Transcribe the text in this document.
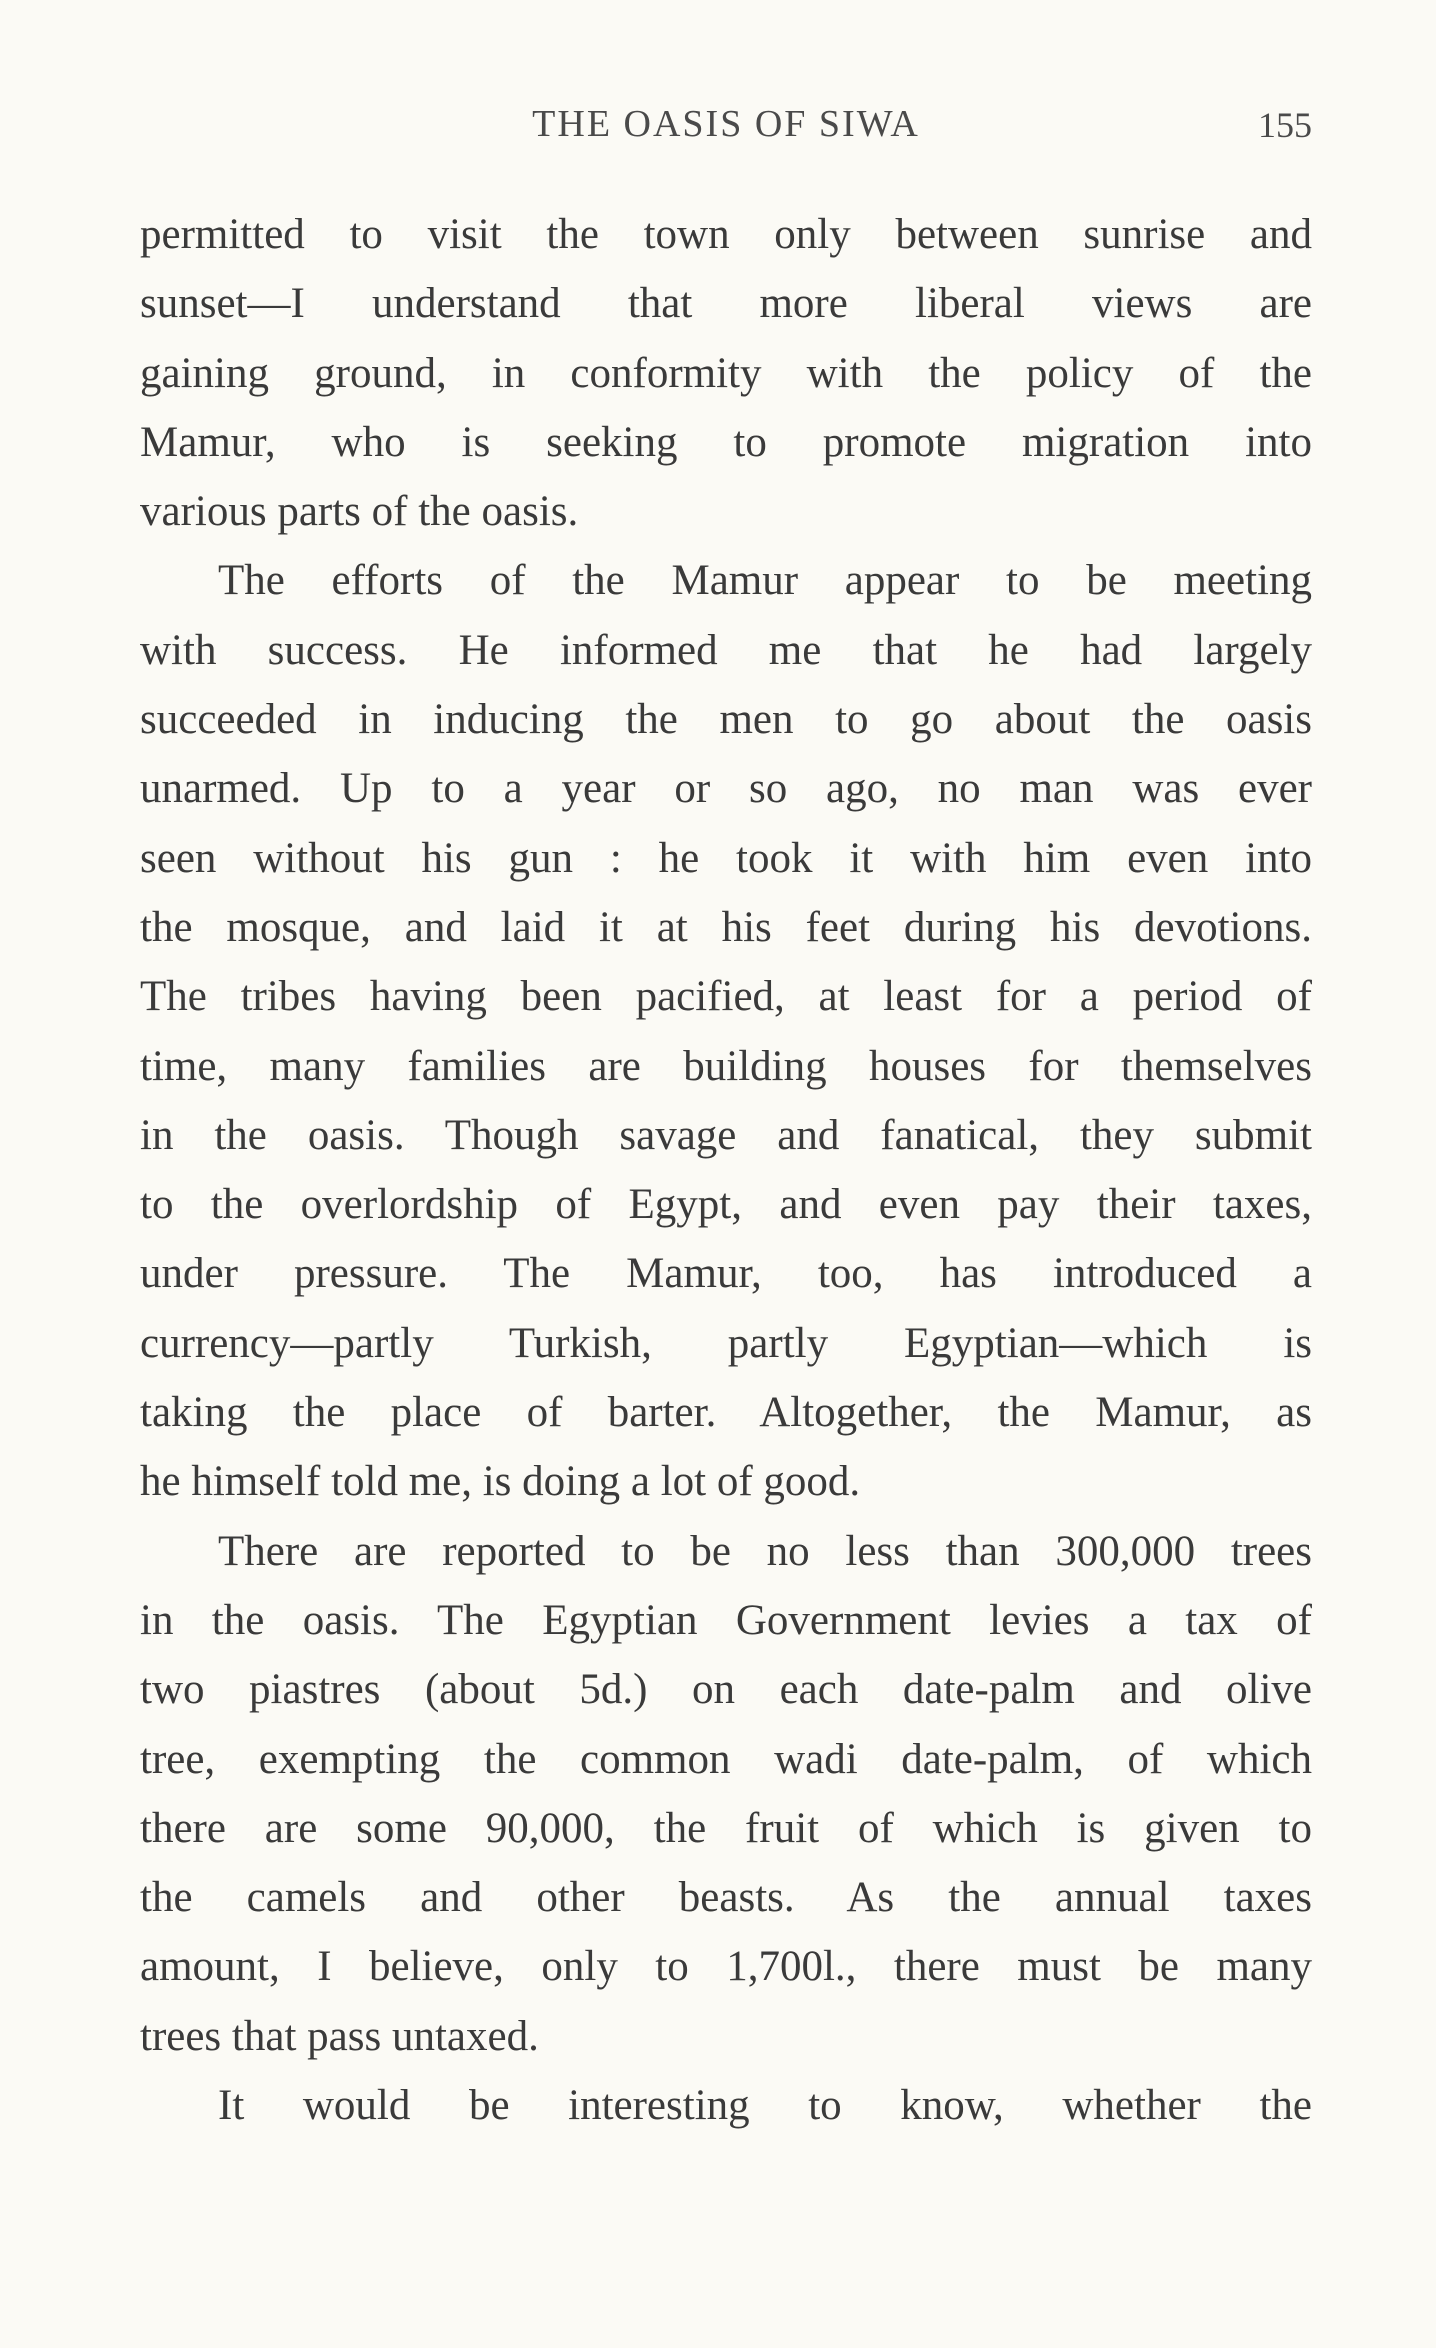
THE OASIS OF SIWA	155
permitted to visit the town only between sunrise and
sunset—I understand that more liberal views are
gaining ground, in conformity with the policy of the
Mamur, who is seeking to promote migration into
various parts of the oasis.
The efforts of the Mamur appear to be meeting
with success. He informed me that he had largely
succeeded in inducing the men to go about the oasis
unarmed. Up to a year or so ago, no man was ever
seen without his gun : he took it with him even into
the mosque, and laid it at his feet during his devotions.
The tribes having been pacified, at least for a period of
time, many families are building houses for themselves
in the oasis. Though savage and fanatical, they submit
to the overlordship of Egypt, and even pay their taxes,
under pressure. The Mamur, too, has introduced a
currency—partly Turkish, partly Egyptian—which is
taking the place of barter. Altogether, the Mamur, as
he himself told me, is doing a lot of good.
There are reported to be no less than 300,000 trees
in the oasis. The Egyptian Government levies a tax of
two piastres (about 5d.) on each date-palm and olive
tree, exempting the common wadi date-palm, of which
there are some 90,000, the fruit of which is given to
the camels and other beasts. As the annual taxes
amount, I believe, only to 1,700l., there must be many
trees that pass untaxed.
It would be interesting to know, whether the
